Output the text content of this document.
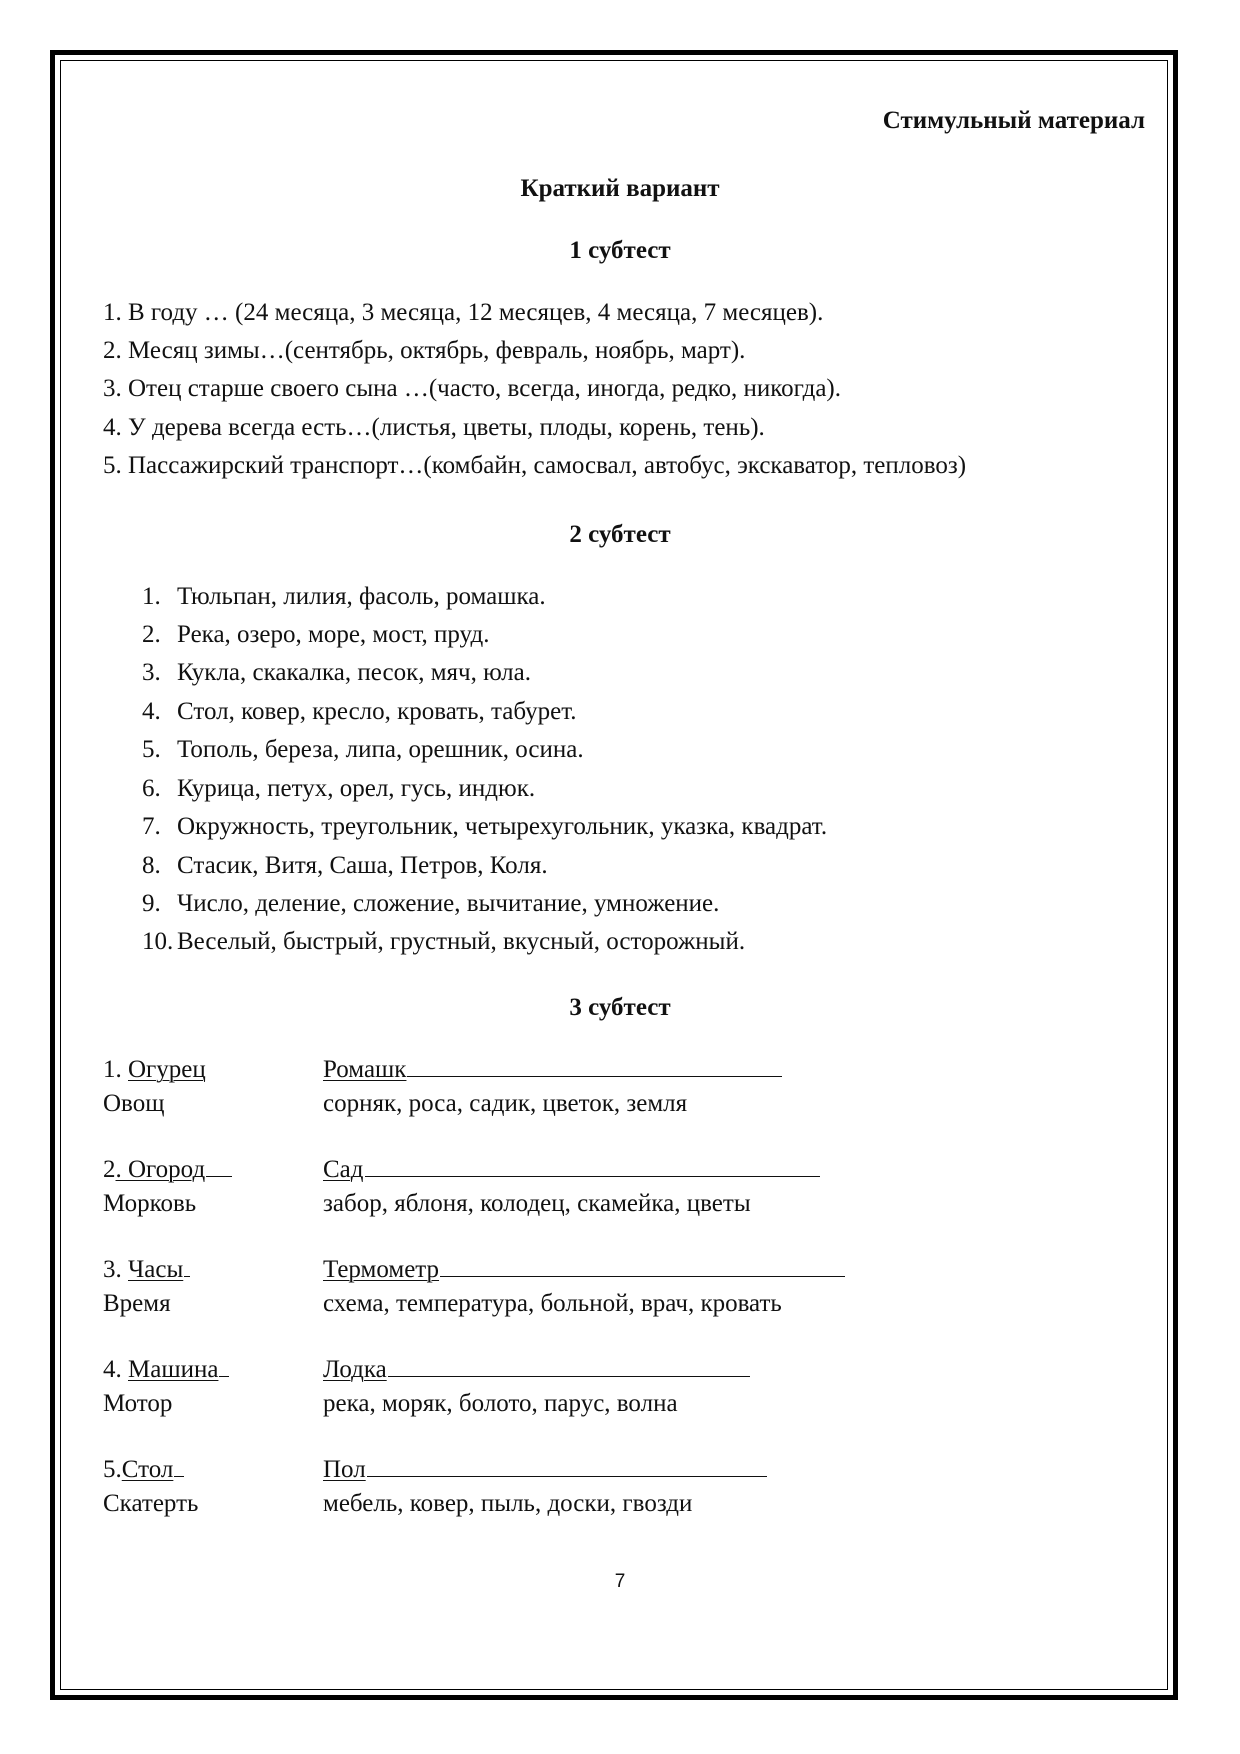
Стимульный материал
Краткий вариант
1 субтест
1. В году … (24 месяца, 3 месяца, 12 месяцев, 4 месяца, 7 месяцев).
2. Месяц зимы…(сентябрь, октябрь, февраль, ноябрь, март).
3. Отец старше своего сына …(часто, всегда, иногда, редко, никогда).
4. У дерева всегда есть…(листья, цветы, плоды, корень, тень).
5. Пассажирский транспорт…(комбайн, самосвал, автобус, экскаватор, тепловоз)
2 субтест
1. Тюльпан, лилия, фасоль, ромашка.
2. Река, озеро, море, мост, пруд.
3. Кукла, скакалка, песок, мяч, юла.
4. Стол, ковер, кресло, кровать, табурет.
5. Тополь, береза, липа, орешник, осина.
6. Курица, петух, орел, гусь, индюк.
7. Окружность, треугольник, четырехугольник, указка, квадрат.
8. Стасик, Витя, Саша, Петров, Коля.
9. Число, деление, сложение, вычитание, умножение.
10. Веселый, быстрый, грустный, вкусный, осторожный.
3 субтест
1. Огурец
Овощ
Ромашк
сорняк, роса, садик, цветок, земля
2. Огород
Морковь
Сад
забор, яблоня, колодец, скамейка, цветы
3. Часы
Время
Термометр
схема, температура, больной, врач, кровать
4. Машина
Мотор
Лодка
река, моряк, болото, парус, волна
5.Стол
Скатерть
Пол
мебель, ковер, пыль, доски, гвозди
7
